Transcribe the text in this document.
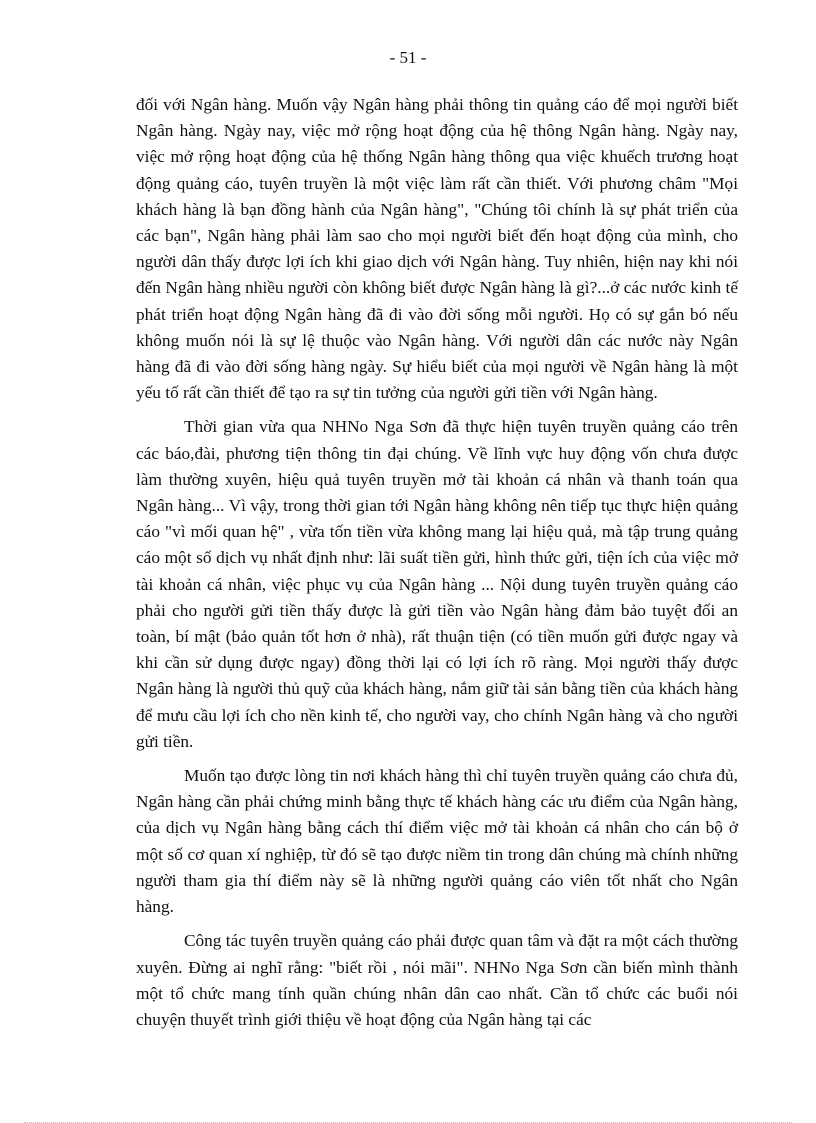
- 51 -

đối với Ngân hàng. Muốn vậy Ngân hàng phải thông tin quảng cáo để mọi người biết Ngân hàng. Ngày nay, việc mở rộng hoạt động của hệ thông Ngân hàng. Ngày nay, việc mở rộng hoạt động của hệ thống Ngân hàng thông qua việc khuếch trương hoạt động quảng cáo, tuyên truyền là một việc làm rất cần thiết. Với phương châm "Mọi khách hàng là bạn đồng hành của Ngân hàng", "Chúng tôi chính là sự phát triển của các bạn", Ngân hàng phải làm sao cho mọi người biết đến hoạt động của mình, cho người dân thấy được lợi ích khi giao dịch với Ngân hàng. Tuy nhiên, hiện nay khi nói đến Ngân hàng nhiều người còn không biết được Ngân hàng là gì?...ở các nước kinh tế phát triển hoạt động Ngân hàng đã đi vào đời sống mỗi người. Họ có sự gắn bó nếu không muốn nói là sự lệ thuộc vào Ngân hàng. Với người dân các nước này Ngân hàng đã đi vào đời sống hàng ngày. Sự hiểu biết của mọi người về Ngân hàng là một yếu tố rất cần thiết để tạo ra sự tin tưởng của người gửi tiền với Ngân hàng.

Thời gian vừa qua NHNo Nga Sơn đã thực hiện tuyên truyền quảng cáo trên các báo,đài, phương tiện thông tin đại chúng. Về lĩnh vực huy động vốn chưa được làm thường xuyên, hiệu quả tuyên truyền mở tài khoản cá nhân và thanh toán qua Ngân hàng... Vì vậy, trong thời gian tới Ngân hàng không nên tiếp tục thực hiện quảng cáo "vì mối quan hệ" , vừa tốn tiền vừa không mang lại hiệu quả, mà tập trung quảng cáo một số dịch vụ nhất định như: lãi suất tiền gửi, hình thức gửi, tiện ích của việc mở tài khoản cá nhân, việc phục vụ của Ngân hàng ... Nội dung tuyên truyền quảng cáo phải cho người gửi tiền thấy được là gửi tiền vào Ngân hàng đảm bảo tuyệt đối an toàn, bí mật (bảo quản tốt hơn ở nhà), rất thuận tiện (có tiền muốn gửi được ngay và khi cần sử dụng được ngay) đồng thời lại có lợi ích rõ ràng. Mọi người thấy được Ngân hàng là người thủ quỹ của khách hàng, nắm giữ tài sản bằng tiền của khách hàng để mưu cầu lợi ích cho nền kinh tế, cho người vay, cho chính Ngân hàng và cho người gửi tiền.

Muốn tạo được lòng tin nơi khách hàng thì chỉ tuyên truyền quảng cáo chưa đủ, Ngân hàng cần phải chứng minh bằng thực tế khách hàng các ưu điểm của Ngân hàng, của dịch vụ Ngân hàng bằng cách thí điểm việc mở tài khoản cá nhân cho cán bộ ở một số cơ quan xí nghiệp, từ đó sẽ tạo được niềm tin trong dân chúng mà chính những người tham gia thí điểm này sẽ là những người quảng cáo viên tốt nhất cho Ngân hàng.

Công tác tuyên truyền quảng cáo phải được quan tâm và đặt ra một cách thường xuyên. Đừng ai nghĩ rằng: "biết rồi , nói mãi". NHNo Nga Sơn cần biến mình thành một tổ chức mang tính quần chúng nhân dân cao nhất. Cần tổ chức các buổi nói chuyện thuyết trình giới thiệu về hoạt động của Ngân hàng tại các
